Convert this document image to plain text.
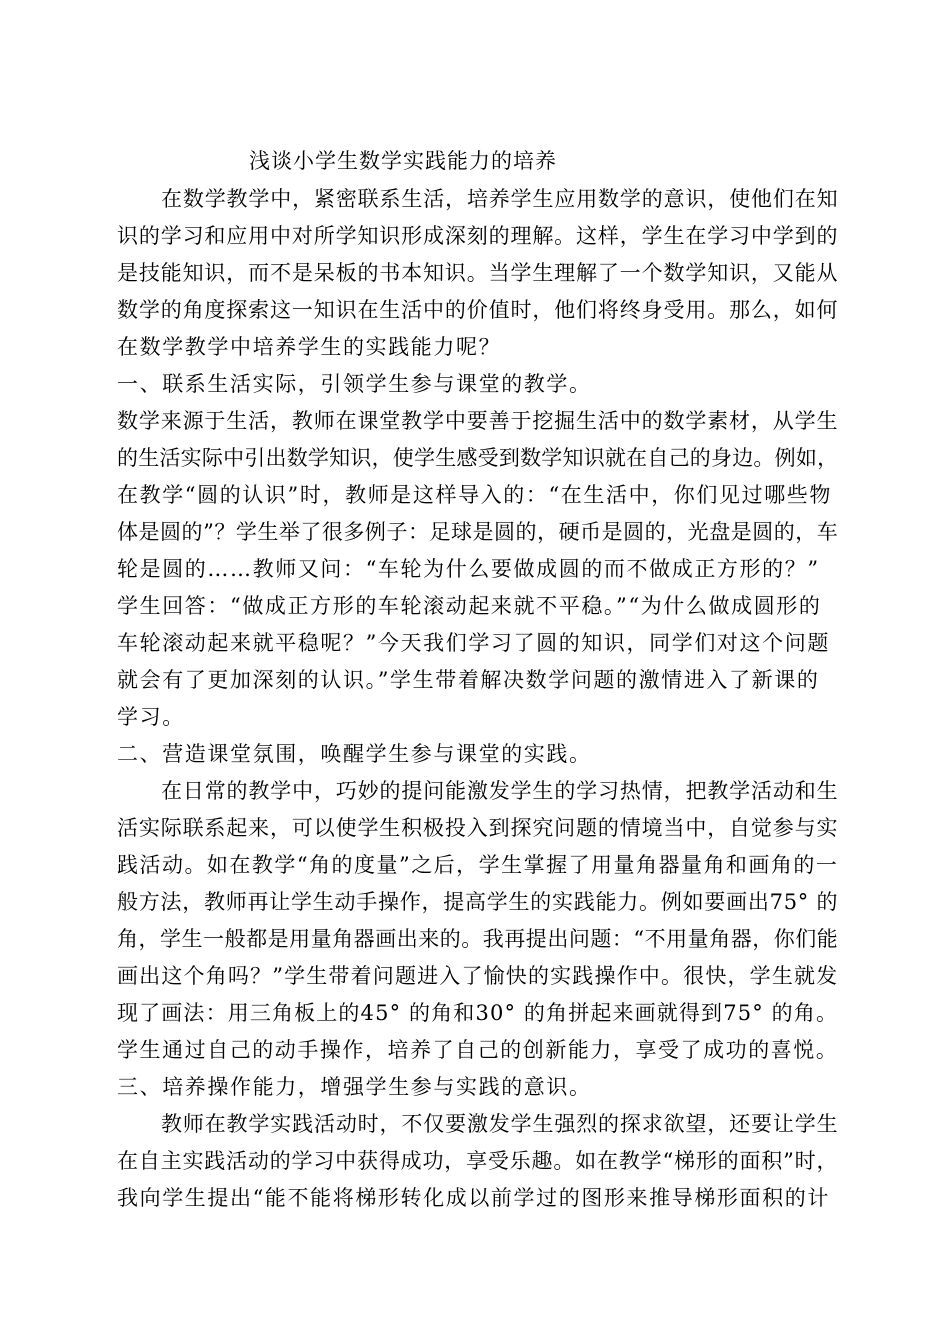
浅谈小学生数学实践能力的培养
在数学教学中，紧密联系生活，培养学生应用数学的意识，使他们在知
识的学习和应用中对所学知识形成深刻的理解。这样，学生在学习中学到的
是技能知识，而不是呆板的书本知识。当学生理解了一个数学知识，又能从
数学的角度探索这一知识在生活中的价值时，他们将终身受用。那么，如何
在数学教学中培养学生的实践能力呢？
一、联系生活实际，引领学生参与课堂的教学。
数学来源于生活，教师在课堂教学中要善于挖掘生活中的数学素材，从学生
的生活实际中引出数学知识，使学生感受到数学知识就在自己的身边。例如，
在教学“圆的认识”时，教师是这样导入的：“在生活中，你们见过哪些物
体是圆的”？学生举了很多例子：足球是圆的，硬币是圆的，光盘是圆的，车
轮是圆的……教师又问：“车轮为什么要做成圆的而不做成正方形的？”
学生回答：“做成正方形的车轮滚动起来就不平稳。”“为什么做成圆形的
车轮滚动起来就平稳呢？”今天我们学习了圆的知识，同学们对这个问题
就会有了更加深刻的认识。”学生带着解决数学问题的激情进入了新课的
学习。
二、营造课堂氛围，唤醒学生参与课堂的实践。
在日常的教学中，巧妙的提问能激发学生的学习热情，把教学活动和生
活实际联系起来，可以使学生积极投入到探究问题的情境当中，自觉参与实
践活动。如在教学“角的度量”之后，学生掌握了用量角器量角和画角的一
般方法，教师再让学生动手操作，提高学生的实践能力。例如要画出75° 的
角，学生一般都是用量角器画出来的。我再提出问题：“不用量角器，你们能
画出这个角吗？”学生带着问题进入了愉快的实践操作中。很快，学生就发
现了画法：用三角板上的45° 的角和30° 的角拼起来画就得到75° 的角。
学生通过自己的动手操作，培养了自己的创新能力，享受了成功的喜悦。
三、培养操作能力，增强学生参与实践的意识。
教师在教学实践活动时，不仅要激发学生强烈的探求欲望，还要让学生
在自主实践活动的学习中获得成功，享受乐趣。如在教学“梯形的面积”时，
我向学生提出“能不能将梯形转化成以前学过的图形来推导梯形面积的计
